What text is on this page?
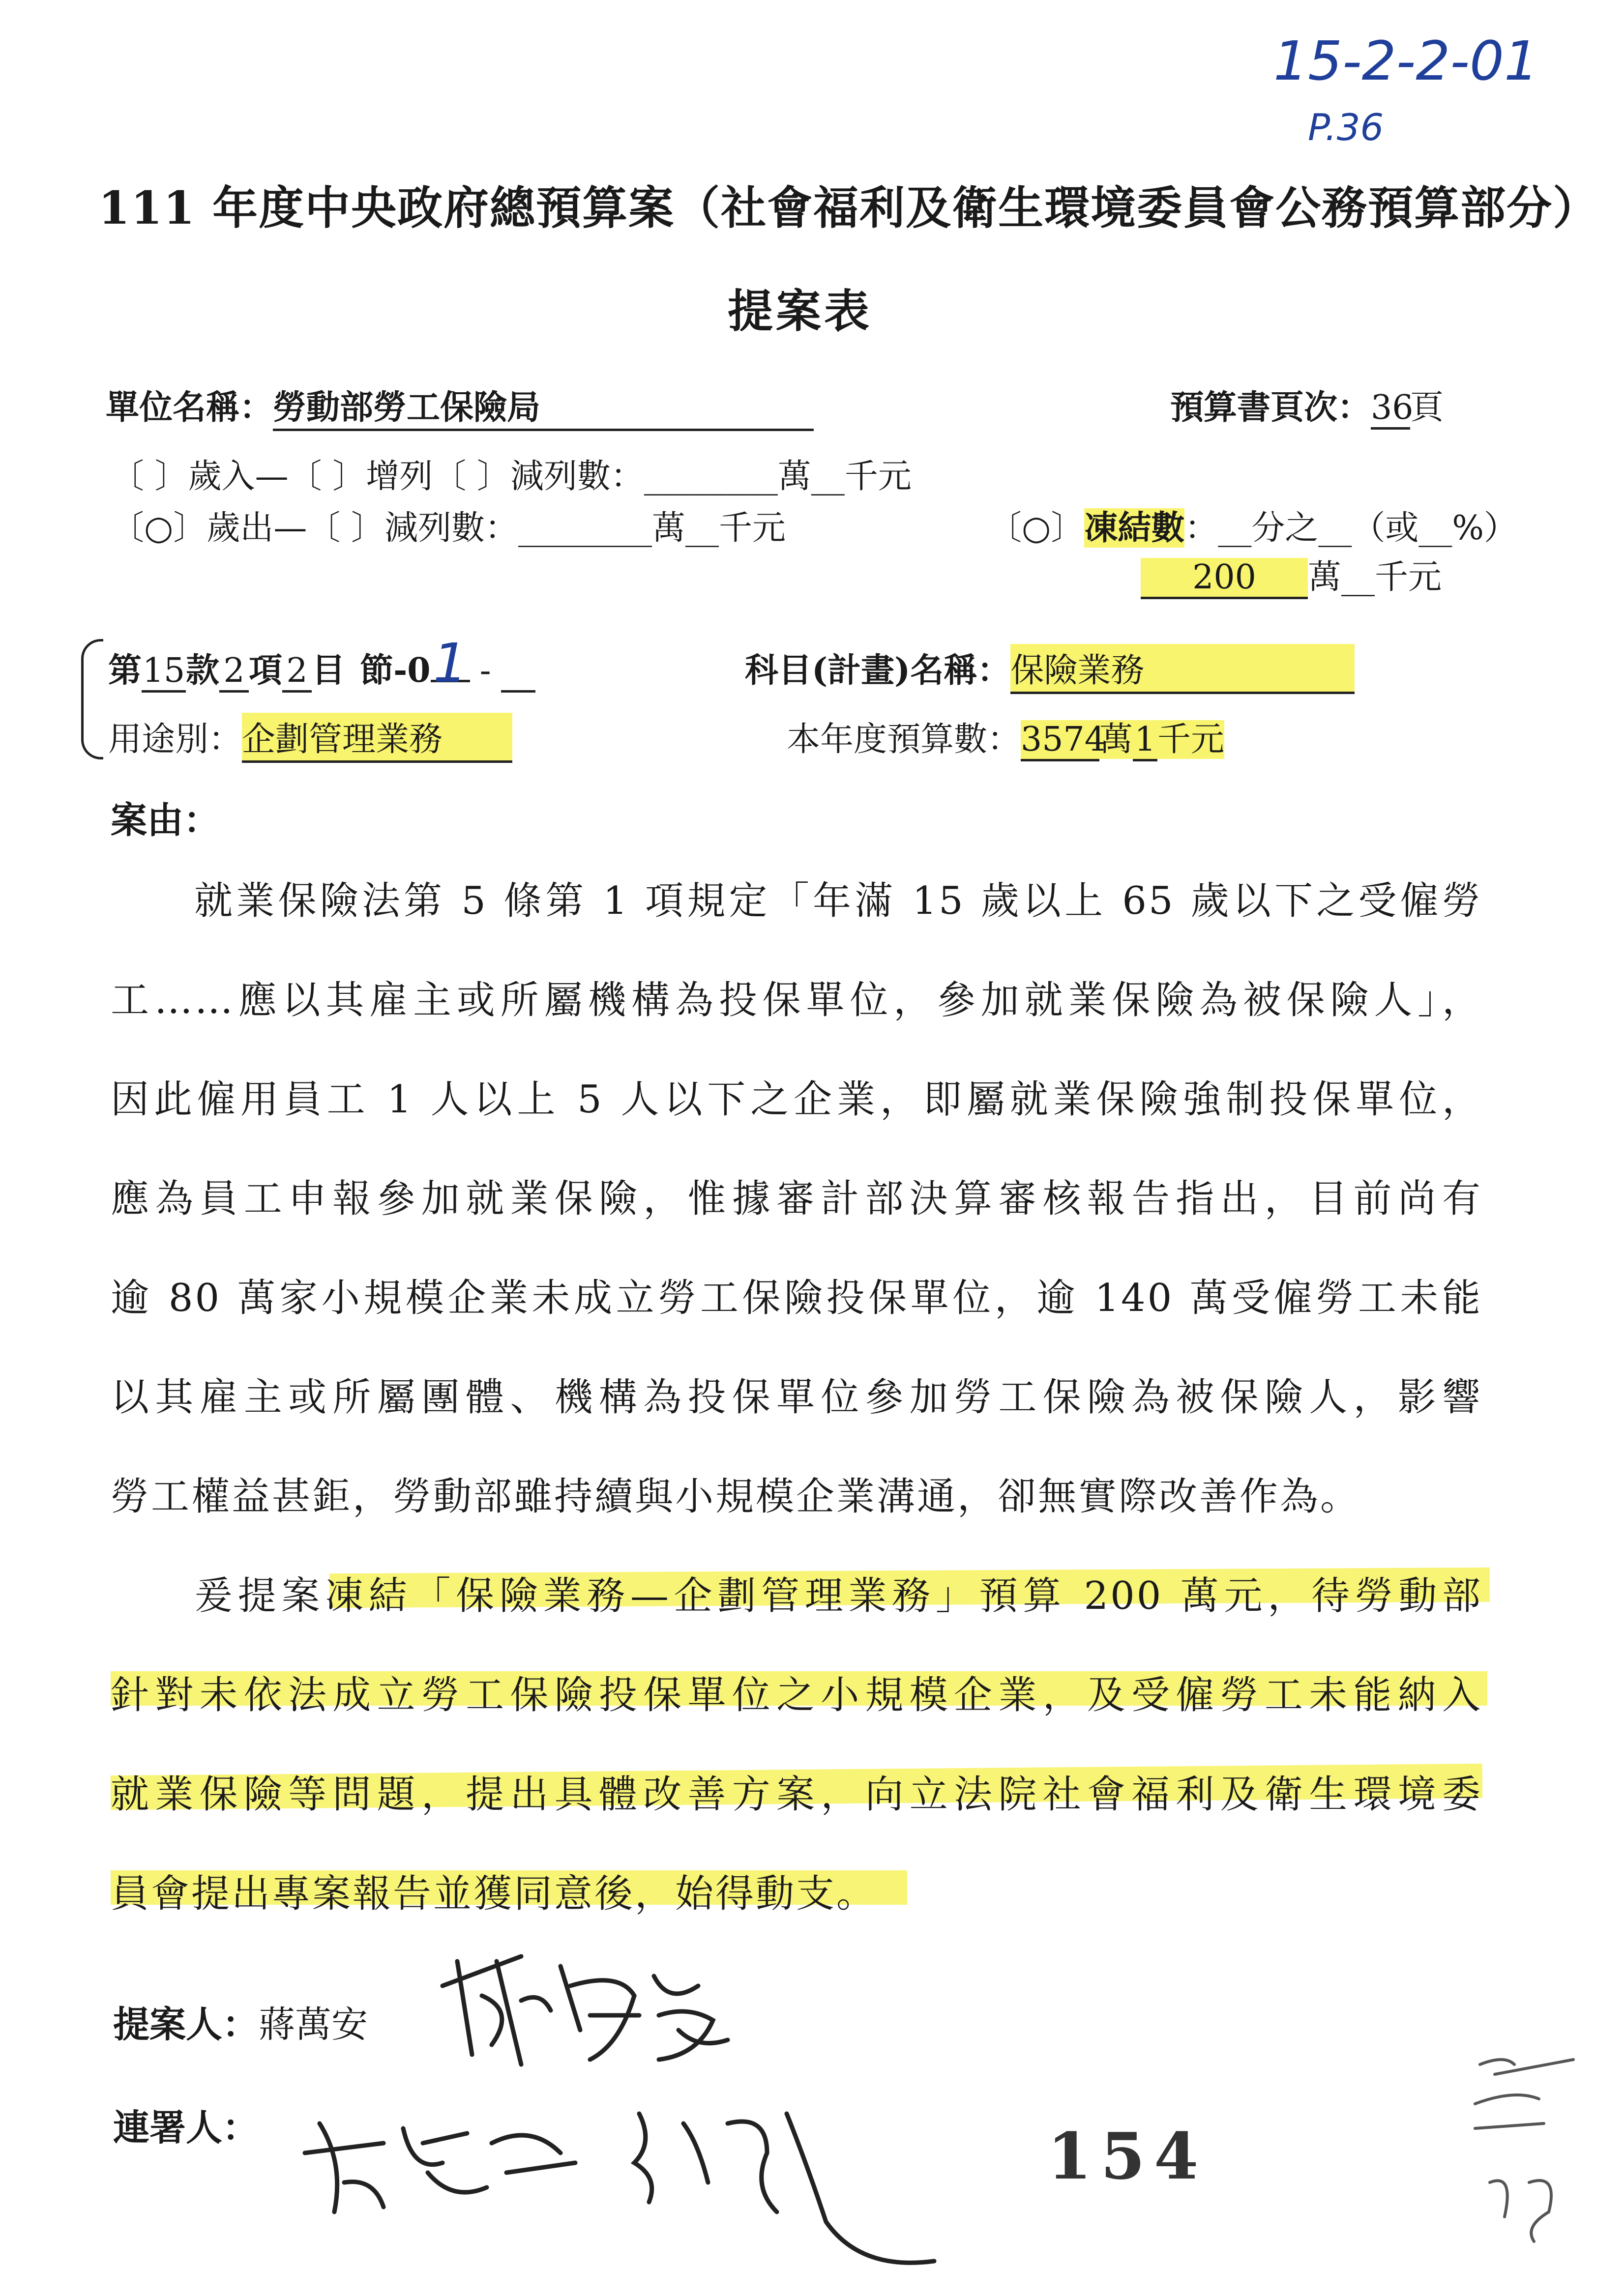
15-2-2-01
P.36
111 年度中央政府總預算案（社會福利及衛生環境委員會公務預算部分）
提案表
單位名稱：勞動部勞工保險局	預算書頁次：36頁
〔 〕歲入—〔 〕增列〔 〕減列數：________萬__千元
〔○〕歲出—〔 〕減列數：________萬__千元	〔○〕凍結數：__分之__（或__%）
200 萬__千元
第15款 2 項 2 目 節-01 -	科目(計畫)名稱：保險業務
用途別：企劃管理業務	本年度預算數：3574萬1千元
案由：
就業保險法第 5 條第 1 項規定「年滿 15 歲以上 65 歲以下之受僱勞
工……應以其雇主或所屬機構為投保單位，參加就業保險為被保險人」，
因此僱用員工 1 人以上 5 人以下之企業，即屬就業保險強制投保單位，
應為員工申報參加就業保險，惟據審計部決算審核報告指出，目前尚有
逾 80 萬家小規模企業未成立勞工保險投保單位，逾 140 萬受僱勞工未能
以其雇主或所屬團體、機構為投保單位參加勞工保險為被保險人，影響
勞工權益甚鉅，勞動部雖持續與小規模企業溝通，卻無實際改善作為。
爰提案凍結「保險業務—企劃管理業務」預算 200 萬元，待勞動部
針對未依法成立勞工保險投保單位之小規模企業，及受僱勞工未能納入
就業保險等問題，提出具體改善方案，向立法院社會福利及衛生環境委
員會提出專案報告並獲同意後，始得動支。
提案人：蔣萬安
連署人：	154
